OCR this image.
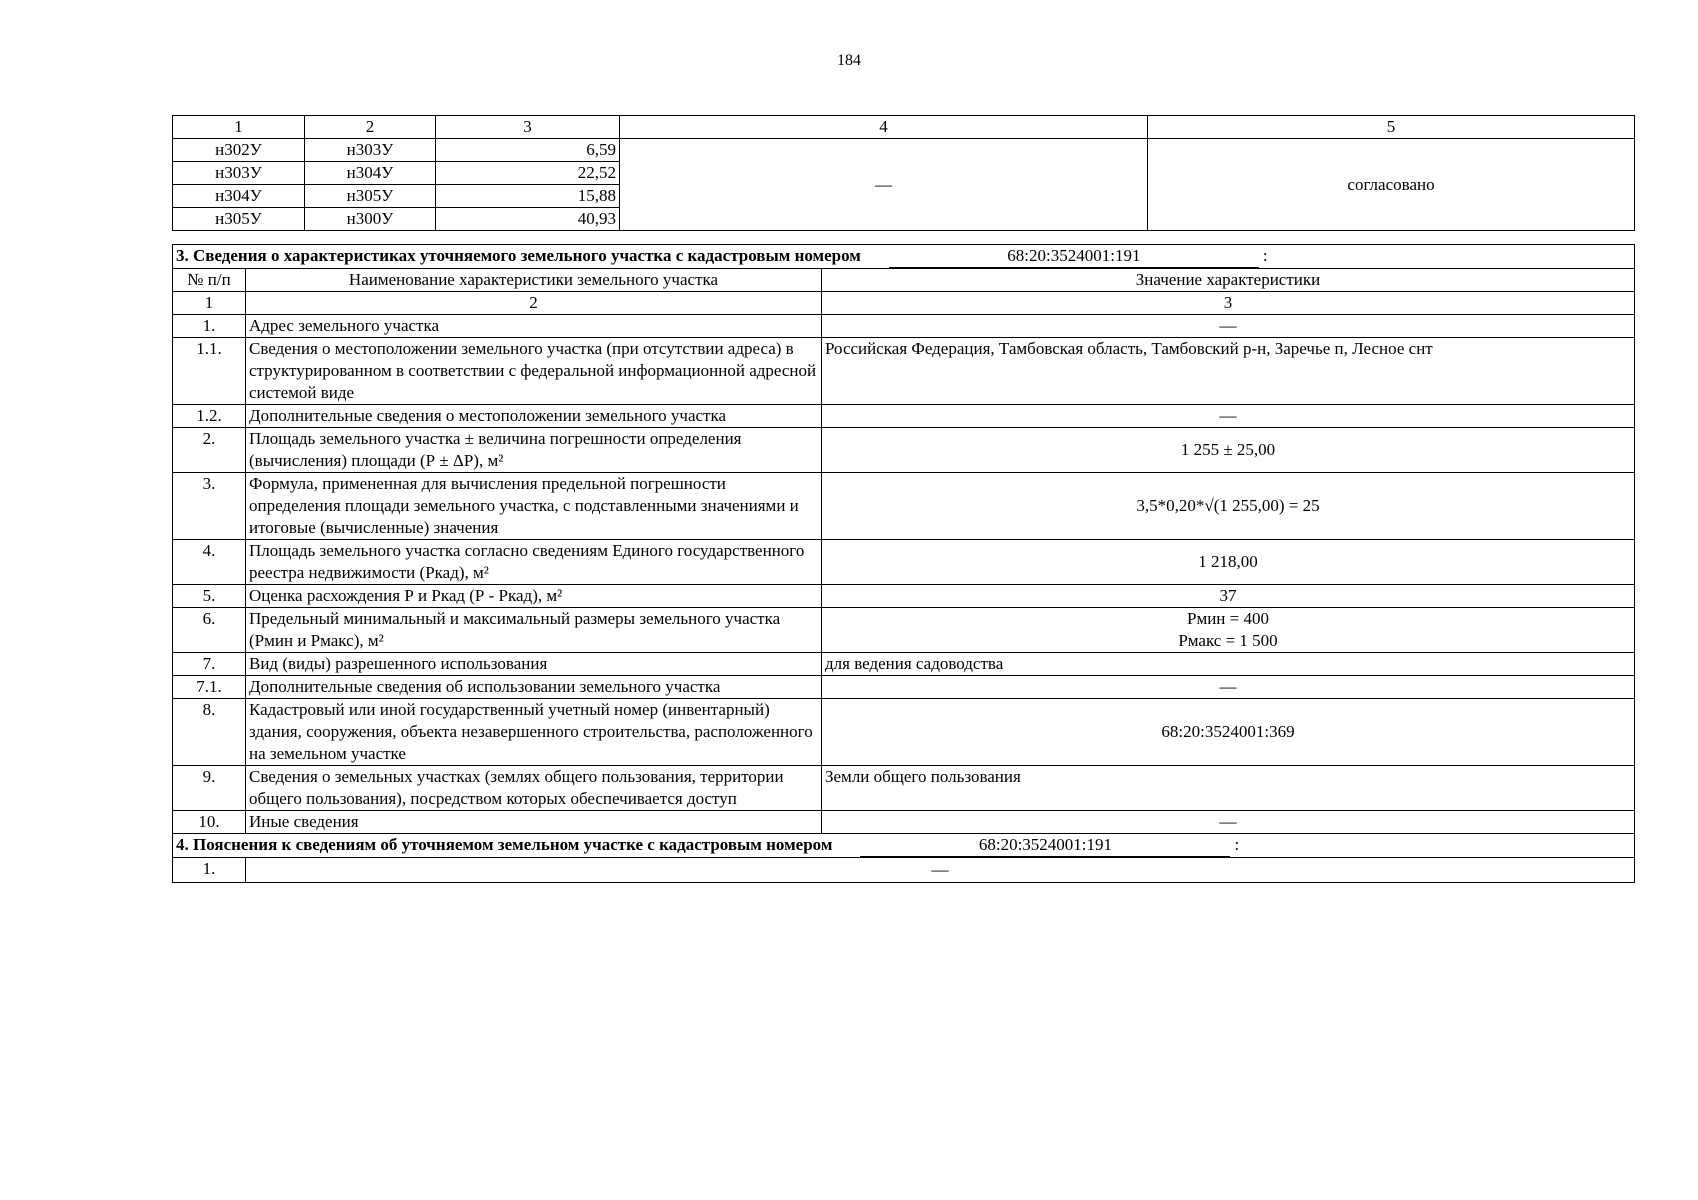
184
1	2	3	4	5
н302У	н303У	6,59	—	согласовано
н303У	н304У	22,52		
н304У	н305У	15,88		
н305У	н300У	40,93		
3. Сведения о характеристиках уточняемого земельного участка с кадастровым номером 68:20:3524001:191 :		
№ п/п	Наименование характеристики земельного участка	Значение характеристики
1	2	3
1.	Адрес земельного участка	—
1.1.	Сведения о местоположении земельного участка (при отсутствии адреса) в структурированном в соответствии с федеральной информационной адресной системой виде	Российская Федерация, Тамбовская область, Тамбовский р-н, Заречье п, Лесное снт
1.2.	Дополнительные сведения о местоположении земельного участка	—
2.	Площадь земельного участка ± величина погрешности определения (вычисления) площади (Р ± ΔР), м²	1 255 ± 25,00
3.	Формула, примененная для вычисления предельной погрешности определения площади земельного участка, с подставленными значениями и итоговые (вычисленные) значения	3,5*0,20*√(1 255,00) = 25
4.	Площадь земельного участка согласно сведениям Единого государственного реестра недвижимости (Ркад), м²	1 218,00
5.	Оценка расхождения Р и Ркад (Р - Ркад), м²	37
6.	Предельный минимальный и максимальный размеры земельного участка (Рмин и Рмакс), м²	Рмин = 400
Рмакс = 1 500

7.	Вид (виды) разрешенного использования	для ведения садоводства
7.1.	Дополнительные сведения об использовании земельного участка	—
8.	Кадастровый или иной государственный учетный номер (инвентарный) здания, сооружения, объекта незавершенного строительства, расположенного на земельном участке	68:20:3524001:369
9.	Сведения о земельных участках (землях общего пользования, территории общего пользования), посредством которых обеспечивается доступ	Земли общего пользования
10.	Иные сведения	—
4. Пояснения к сведениям об уточняемом земельном участке с кадастровым номером 68:20:3524001:191 :		
1.	—	
